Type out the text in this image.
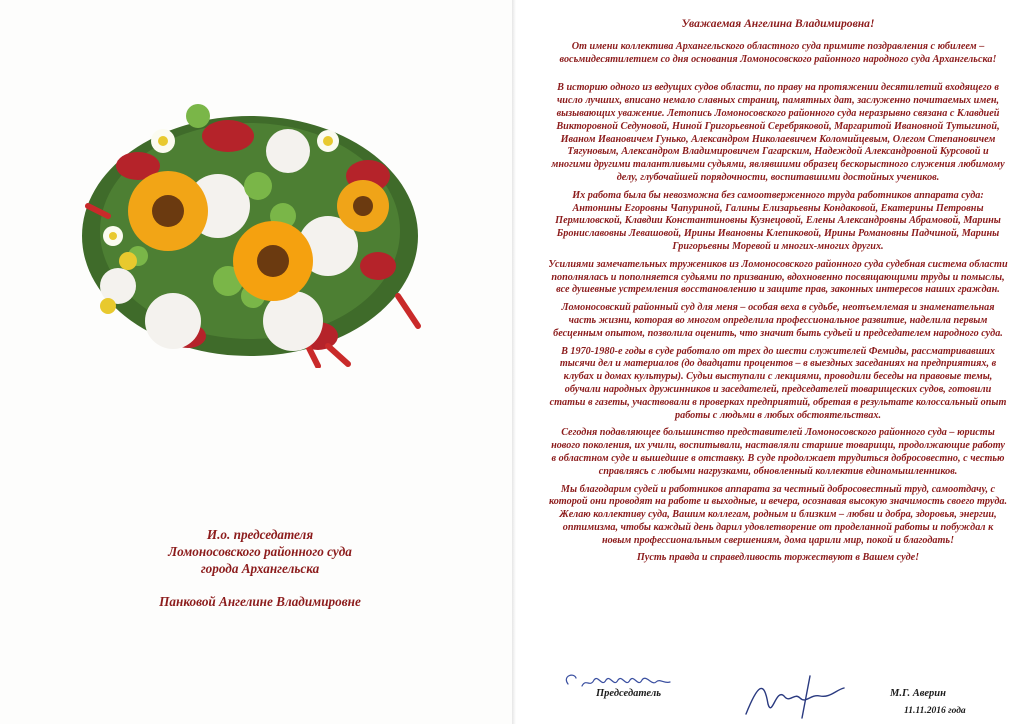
И.о. председателя
Ломоносовского районного суда
города Архангельска
Панковой Ангелине Владимировне
Уважаемая Ангелина Владимировна!

От имени коллектива Архангельского областного суда примите поздравления с юбилеем – восьмидесятилетием со дня основания Ломоносовского районного народного суда Архангельска!

В историю одного из ведущих судов области, по праву на протяжении десятилетий входящего в число лучших, вписано немало славных страниц, памятных дат, заслуженно почитаемых имен, вызывающих уважение. Летопись Ломоносовского районного суда неразрывно связана с Клавдией Викторовной Седуновой, Ниной Григорьевной Серебряковой, Маргаритой Ивановной Тутыгиной, Иваном Ивановичем Гунько, Александром Николаевичем Коломийцевым, Олегом Степановичем Тягуновым, Александром Владимировичем Гагарским, Надеждой Александровной Курсовой и многими другими талантливыми судьями, являвшими образец бескорыстного служения любимому делу, глубочайшей порядочности, воспитавшими достойных учеников.

Их работа была бы невозможна без самоотверженного труда работников аппарата суда: Антонины Егоровны Чапуриной, Галины Елизарьевны Кондаковой, Екатерины Петровны Пермиловской, Клавдии Константиновны Кузнецовой, Елены Александровны Абрамовой, Марины Брониславовны Левашовой, Ирины Ивановны Клепиковой, Ирины Романовны Падчиной, Марины Григорьевны Моревой и многих-многих других.

Усилиями замечательных тружеников из Ломоносовского районного суда судебная система области пополнялась и пополняется судьями по призванию, вдохновенно посвящающими труды и помыслы, все душевные устремления восстановлению и защите прав, законных интересов наших граждан.

Ломоносовский районный суд для меня – особая веха в судьбе, неотъемлемая и знаменательная часть жизни, которая во многом определила профессиональное развитие, наделила первым бесценным опытом, позволила оценить, что значит быть судьей и председателем народного суда.

В 1970-1980-е годы в суде работало от трех до шести служителей Фемиды, рассматривавших тысячи дел и материалов (до двадцати процентов – в выездных заседаниях на предприятиях, в клубах и домах культуры). Судьи выступали с лекциями, проводили беседы на правовые темы, обучали народных дружинников и заседателей, председателей товарищеских судов, готовили статьи в газеты, участвовали в проверках предприятий, обретая в результате колоссальный опыт работы с людьми в любых обстоятельствах.

Сегодня подавляющее большинство представителей Ломоносовского районного суда – юристы нового поколения, их учили, воспитывали, наставляли старшие товарищи, продолжающие работу в областном суде и вышедшие в отставку. В суде продолжает трудиться добросовестно, с честью справляясь с любыми нагрузками, обновленный коллектив единомышленников.

Мы благодарим судей и работников аппарата за честный добросовестный труд, самоотдачу, с которой они проводят на работе и выходные, и вечера, осознавая высокую значимость своего труда. Желаю коллективу суда, Вашим коллегам, родным и близким – любви и добра, здоровья, энергии, оптимизма, чтобы каждый день дарил удовлетворение от проделанной работы и побуждал к новым профессиональным свершениям, дома царили мир, покой и благодать!

Пусть правда и справедливость торжествуют в Вашем суде!

Председатель	М.Г. Аверин
11.11.2016 года
